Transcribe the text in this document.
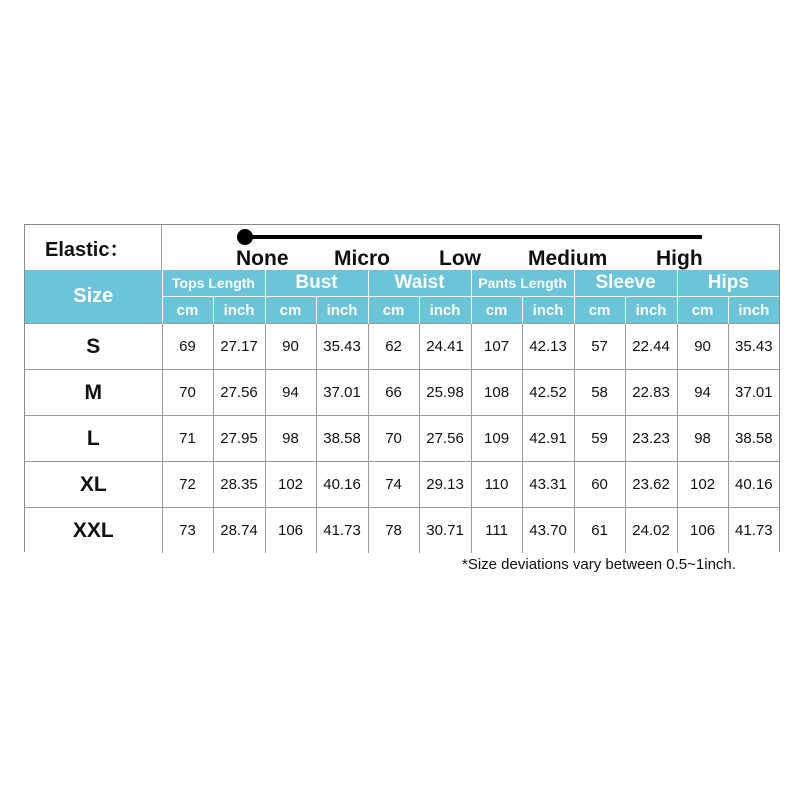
Elastic：	None Micro Low Medium High
Size	Tops Length		Bust		Waist		Pants Length		Sleeve		Hips	
	cm	inch	cm	inch	cm	inch	cm	inch	cm	inch	cm	inch
S	69	27.17	90	35.43	62	24.41	107	42.13	57	22.44	90	35.43
M	70	27.56	94	37.01	66	25.98	108	42.52	58	22.83	94	37.01
L	71	27.95	98	38.58	70	27.56	109	42.91	59	23.23	98	38.58
XL	72	28.35	102	40.16	74	29.13	110	43.31	60	23.62	102	40.16
XXL	73	28.74	106	41.73	78	30.71	111	43.70	61	24.02	106	41.73
*Size deviations vary between 0.5~1inch.
